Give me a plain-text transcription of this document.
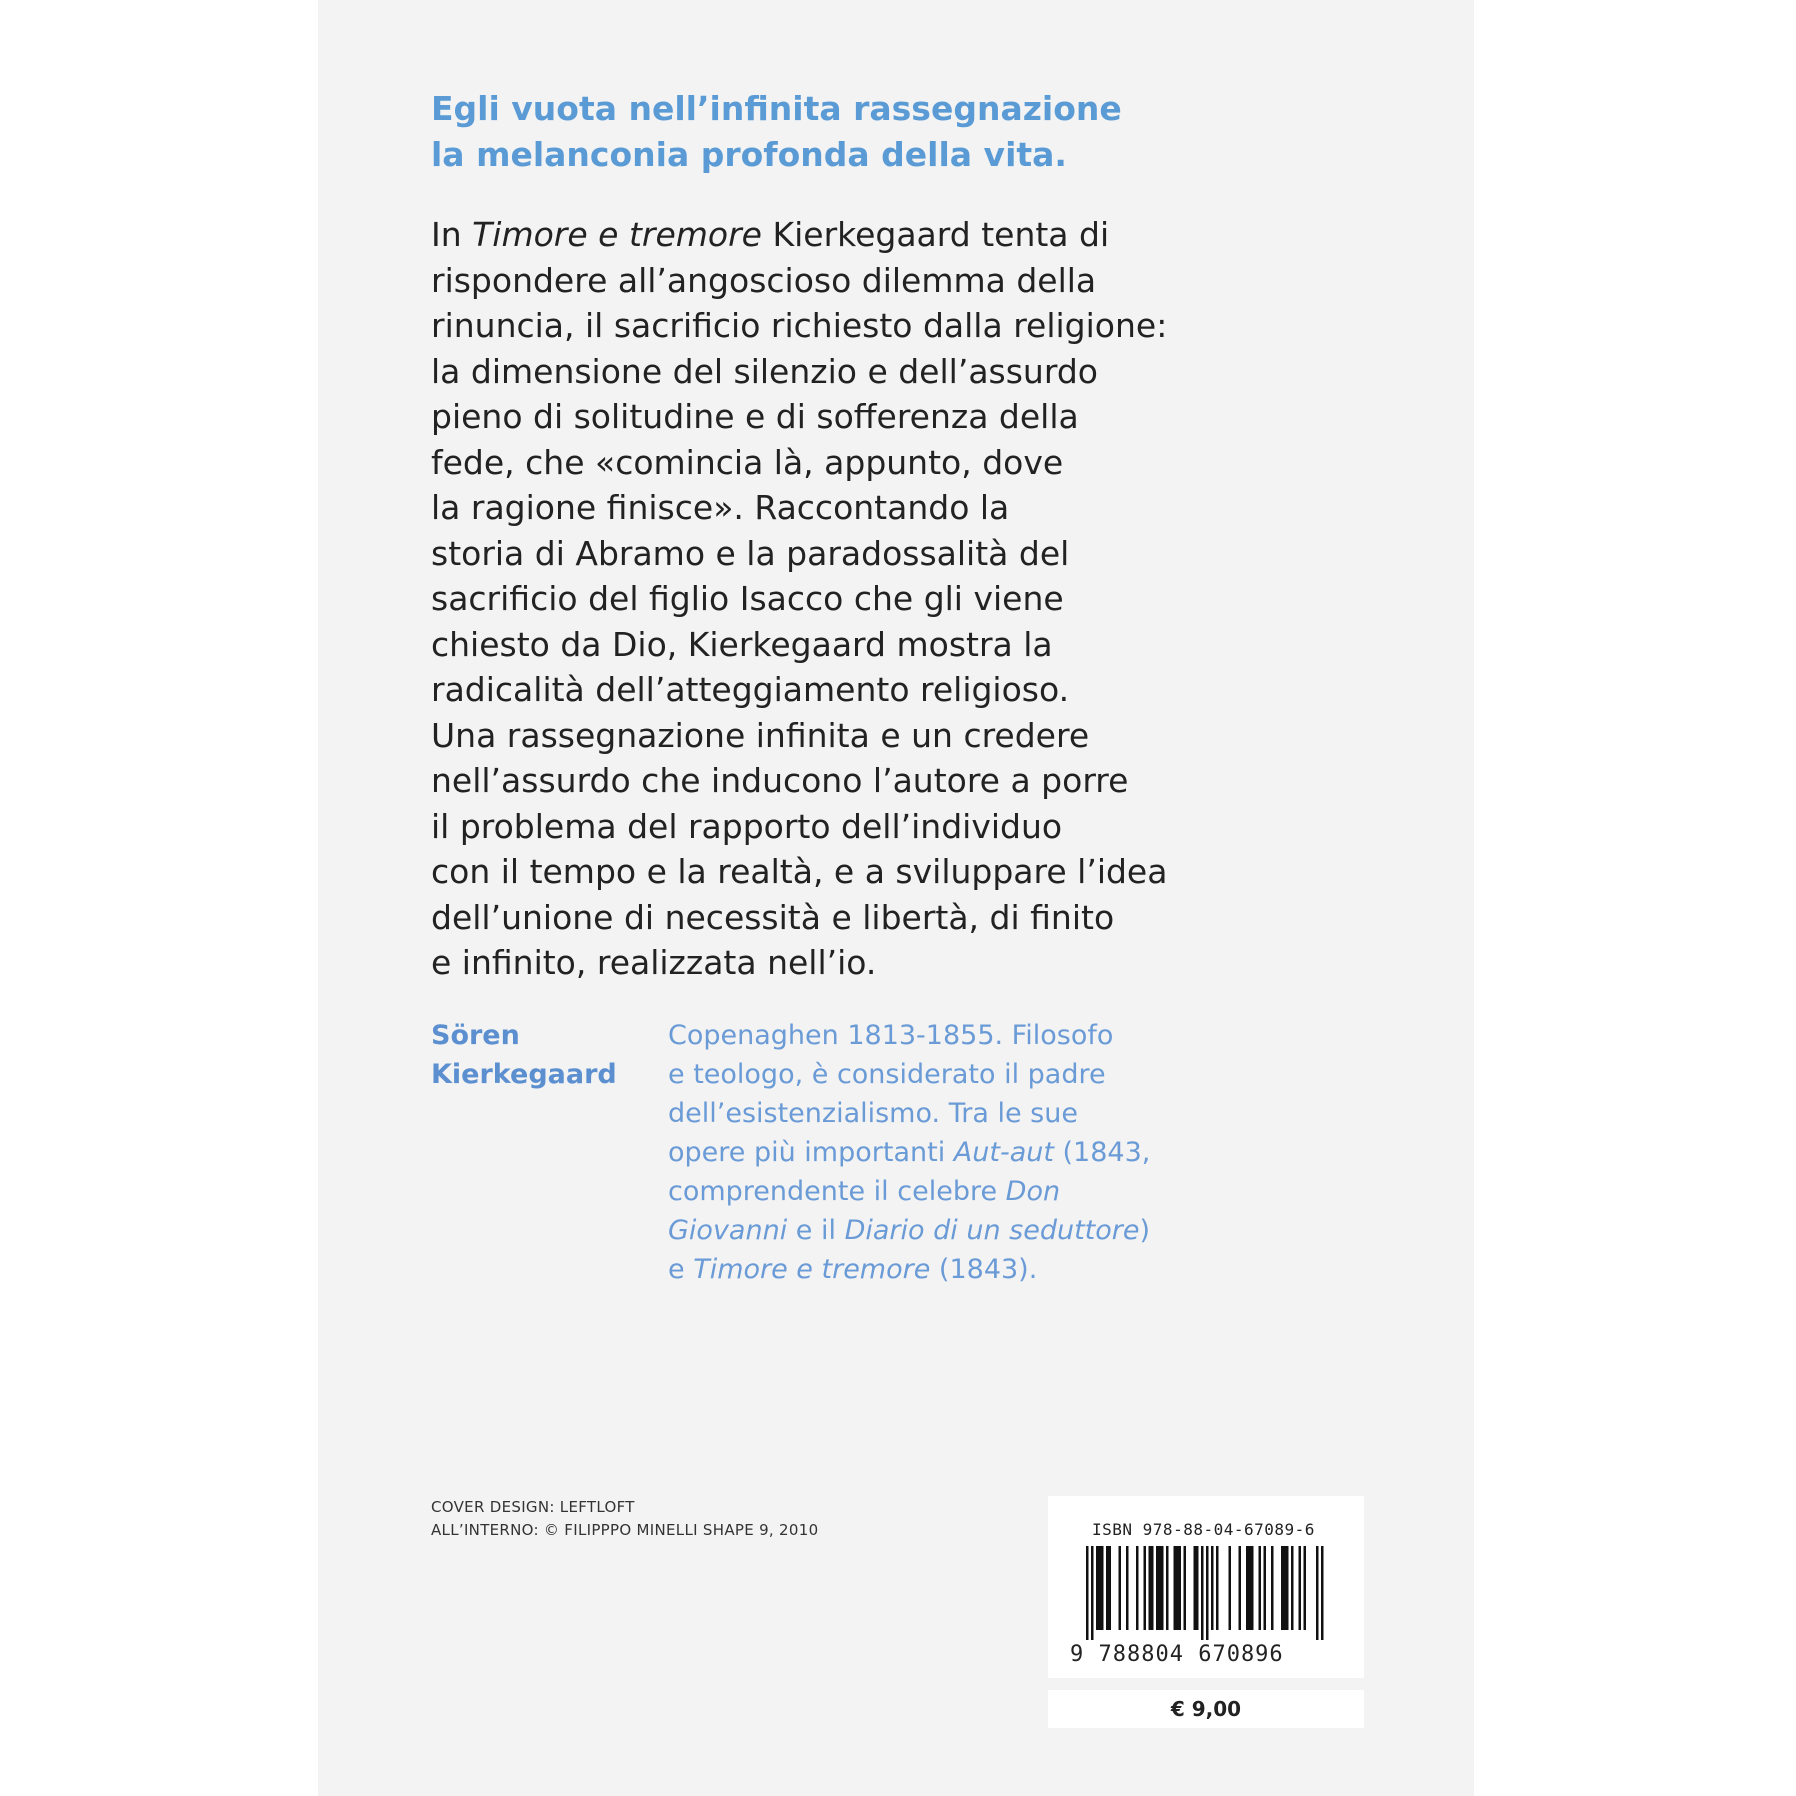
Egli vuota nell’infinita rassegnazione
la melanconia profonda della vita.
In Timore e tremore Kierkegaard tenta di
rispondere all’angoscioso dilemma della
rinuncia, il sacrificio richiesto dalla religione:
la dimensione del silenzio e dell’assurdo
pieno di solitudine e di sofferenza della
fede, che «comincia là, appunto, dove
la ragione finisce». Raccontando la
storia di Abramo e la paradossalità del
sacrificio del figlio Isacco che gli viene
chiesto da Dio, Kierkegaard mostra la
radicalità dell’atteggiamento religioso.
Una rassegnazione infinita e un credere
nell’assurdo che inducono l’autore a porre
il problema del rapporto dell’individuo
con il tempo e la realtà, e a sviluppare l’idea
dell’unione di necessità e libertà, di finito
e infinito, realizzata nell’io.
Sören
Kierkegaard
Copenaghen 1813-1855. Filosofo
e teologo, è considerato il padre
dell’esistenzialismo. Tra le sue
opere più importanti Aut-aut (1843,
comprendente il celebre Don
Giovanni e il Diario di un seduttore)
e Timore e tremore (1843).
COVER DESIGN: LEFTLOFT
ALL’INTERNO: © FILIPPPO MINELLI SHAPE 9, 2010	ISBN 978-88-04-67089-6
9 788804 670896
€ 9,00
